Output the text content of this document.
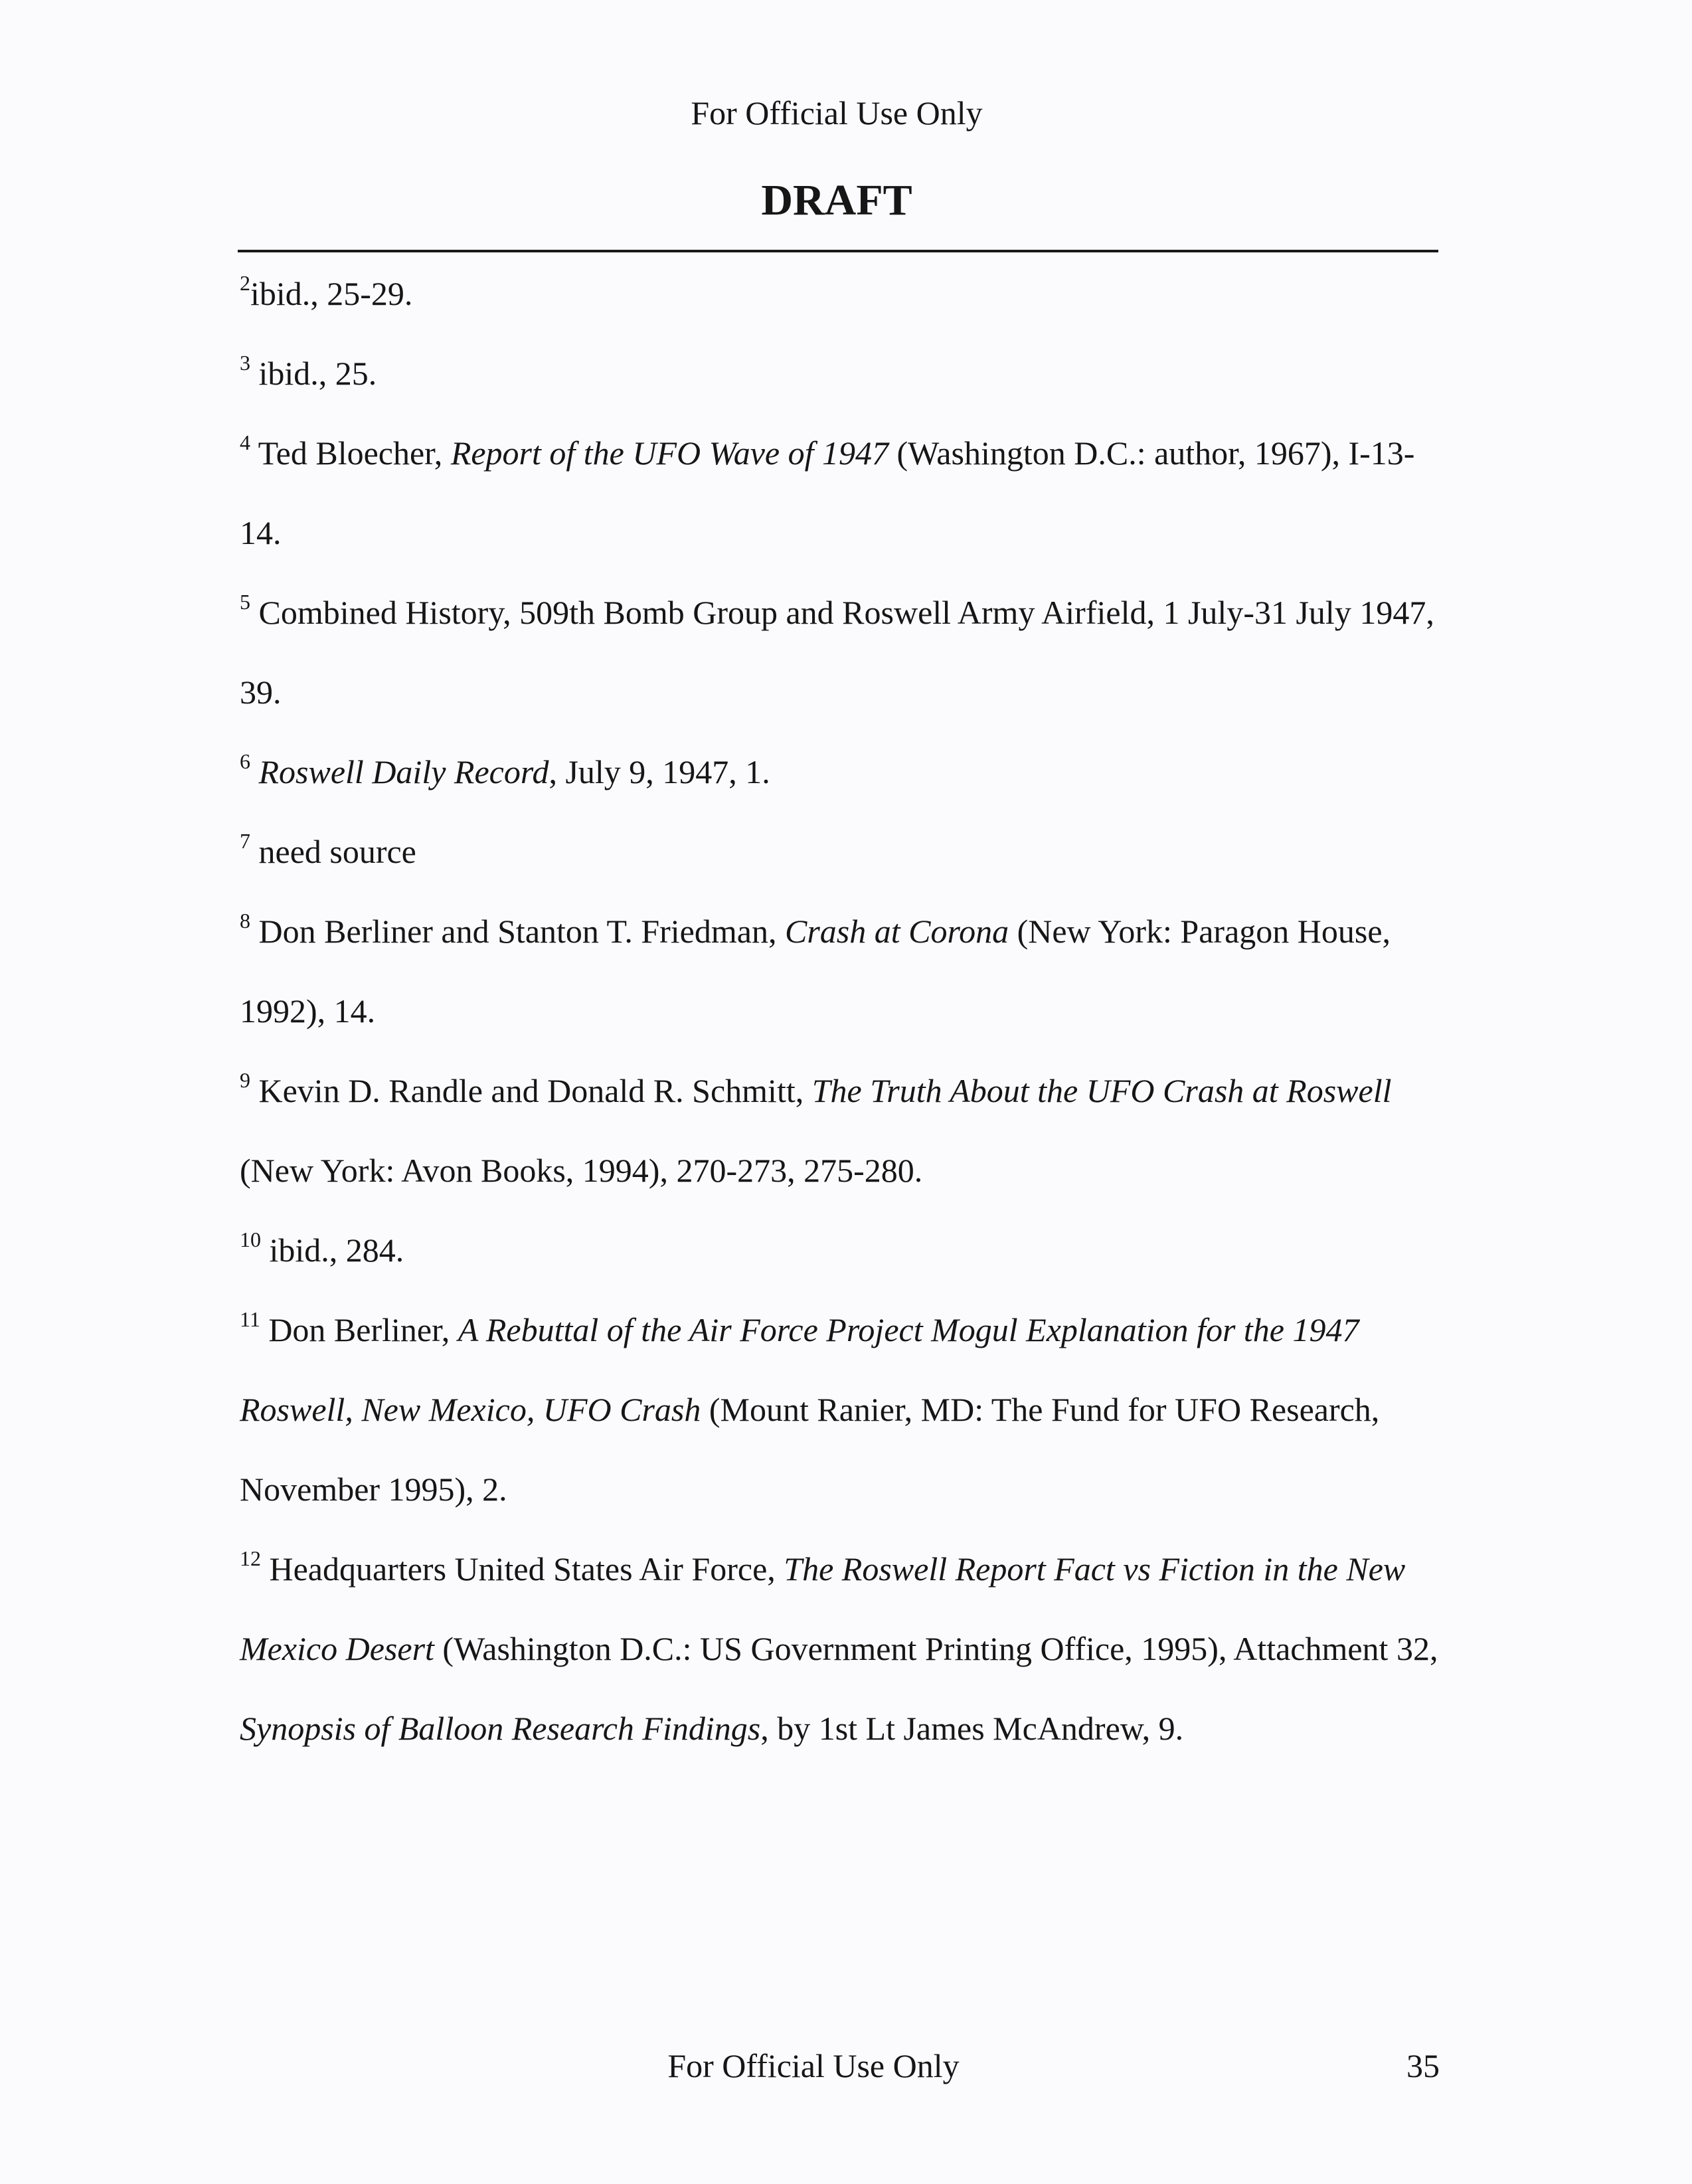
For Official Use Only
DRAFT

$^2$ibid., 25-29.

$^3$ ibid., 25.

$^4$ Ted Bloecher, Report of the UFO Wave of 1947 (Washington D.C.: author, 1967), I-13-14.

$^5$ Combined History, 509th Bomb Group and Roswell Army Airfield, 1 July-31 July 1947, 39.

$^6$ Roswell Daily Record, July 9, 1947, 1.

$^7$ need source

$^8$ Don Berliner and Stanton T. Friedman, Crash at Corona (New York: Paragon House, 1992), 14.

$^9$ Kevin D. Randle and Donald R. Schmitt, The Truth About the UFO Crash at Roswell (New York: Avon Books, 1994), 270-273, 275-280.

$^{10}$ ibid., 284.

$^{11}$ Don Berliner, A Rebuttal of the Air Force Project Mogul Explanation for the 1947 Roswell, New Mexico, UFO Crash (Mount Ranier, MD: The Fund for UFO Research, November 1995), 2.

$^{12}$ Headquarters United States Air Force, The Roswell Report Fact vs Fiction in the New Mexico Desert (Washington D.C.: US Government Printing Office, 1995), Attachment 32, Synopsis of Balloon Research Findings, by 1st Lt James McAndrew, 9.

For Official Use Only	35
